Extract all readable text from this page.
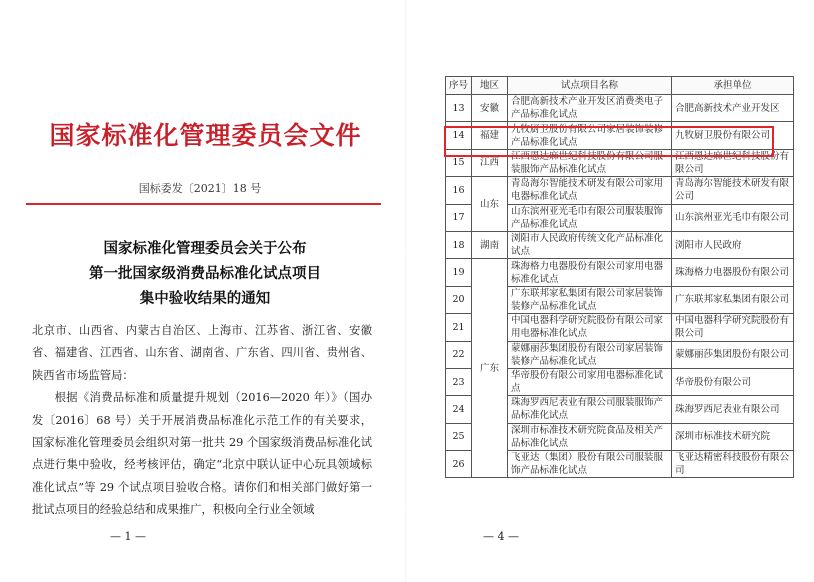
国家标准化管理委员会文件
国标委发〔2021〕18 号
国家标准化管理委员会关于公布
第一批国家级消费品标准化试点项目
集中验收结果的通知

北京市、山西省、内蒙古自治区、上海市、江苏省、浙江省、安徽省、福建省、江西省、山东省、湖南省、广东省、四川省、贵州省、陕西省市场监管局：

根据《消费品标准和质量提升规划（2016—2020 年）》（国办发〔2016〕68 号）关于开展消费品标准化示范工作的有关要求，国家标准化管理委员会组织对第一批共 29 个国家级消费品标准化试点进行集中验收，经考核评估，确定“北京中联认证中心玩具领域标准化试点”等 29 个试点项目验收合格。请你们和相关部门做好第一批试点项目的经验总结和成果推广，积极向全行业全领域

— 1 —
序号	地区	试点项目名称	承担单位
13	安徽	合肥高新技术产业开发区消费类电子产品标准化试点	合肥高新技术产业开发区
14	福建	九牧厨卫股份有限公司家居装饰装修产品标准化试点	九牧厨卫股份有限公司
15	江西	江西恩达麻世纪科技股份有限公司服装服饰产品标准化试点	江西恩达麻世纪科技股份有限公司
16	山东	青岛海尔智能技术研发有限公司家用电器标准化试点	青岛海尔智能技术研发有限公司
17		山东滨州亚光毛巾有限公司服装服饰产品标准化试点	山东滨州亚光毛巾有限公司
18	湖南	浏阳市人民政府传统文化产品标准化试点	浏阳市人民政府
19	广东	珠海格力电器股份有限公司家用电器标准化试点	珠海格力电器股份有限公司
20		广东联邦家私集团有限公司家居装饰装修产品标准化试点	广东联邦家私集团有限公司
21		中国电器科学研究院股份有限公司家用电器标准化试点	中国电器科学研究院股份有限公司
22		蒙娜丽莎集团股份有限公司家居装饰装修产品标准化试点	蒙娜丽莎集团股份有限公司
23		华帝股份有限公司家用电器标准化试点	华帝股份有限公司
24		珠海罗西尼表业有限公司服装服饰产品标准化试点	珠海罗西尼表业有限公司
25		深圳市标准技术研究院食品及相关产品标准化试点	深圳市标准技术研究院
26		飞亚达（集团）股份有限公司服装服饰产品标准化试点	飞亚达精密科技股份有限公司
— 4 —
